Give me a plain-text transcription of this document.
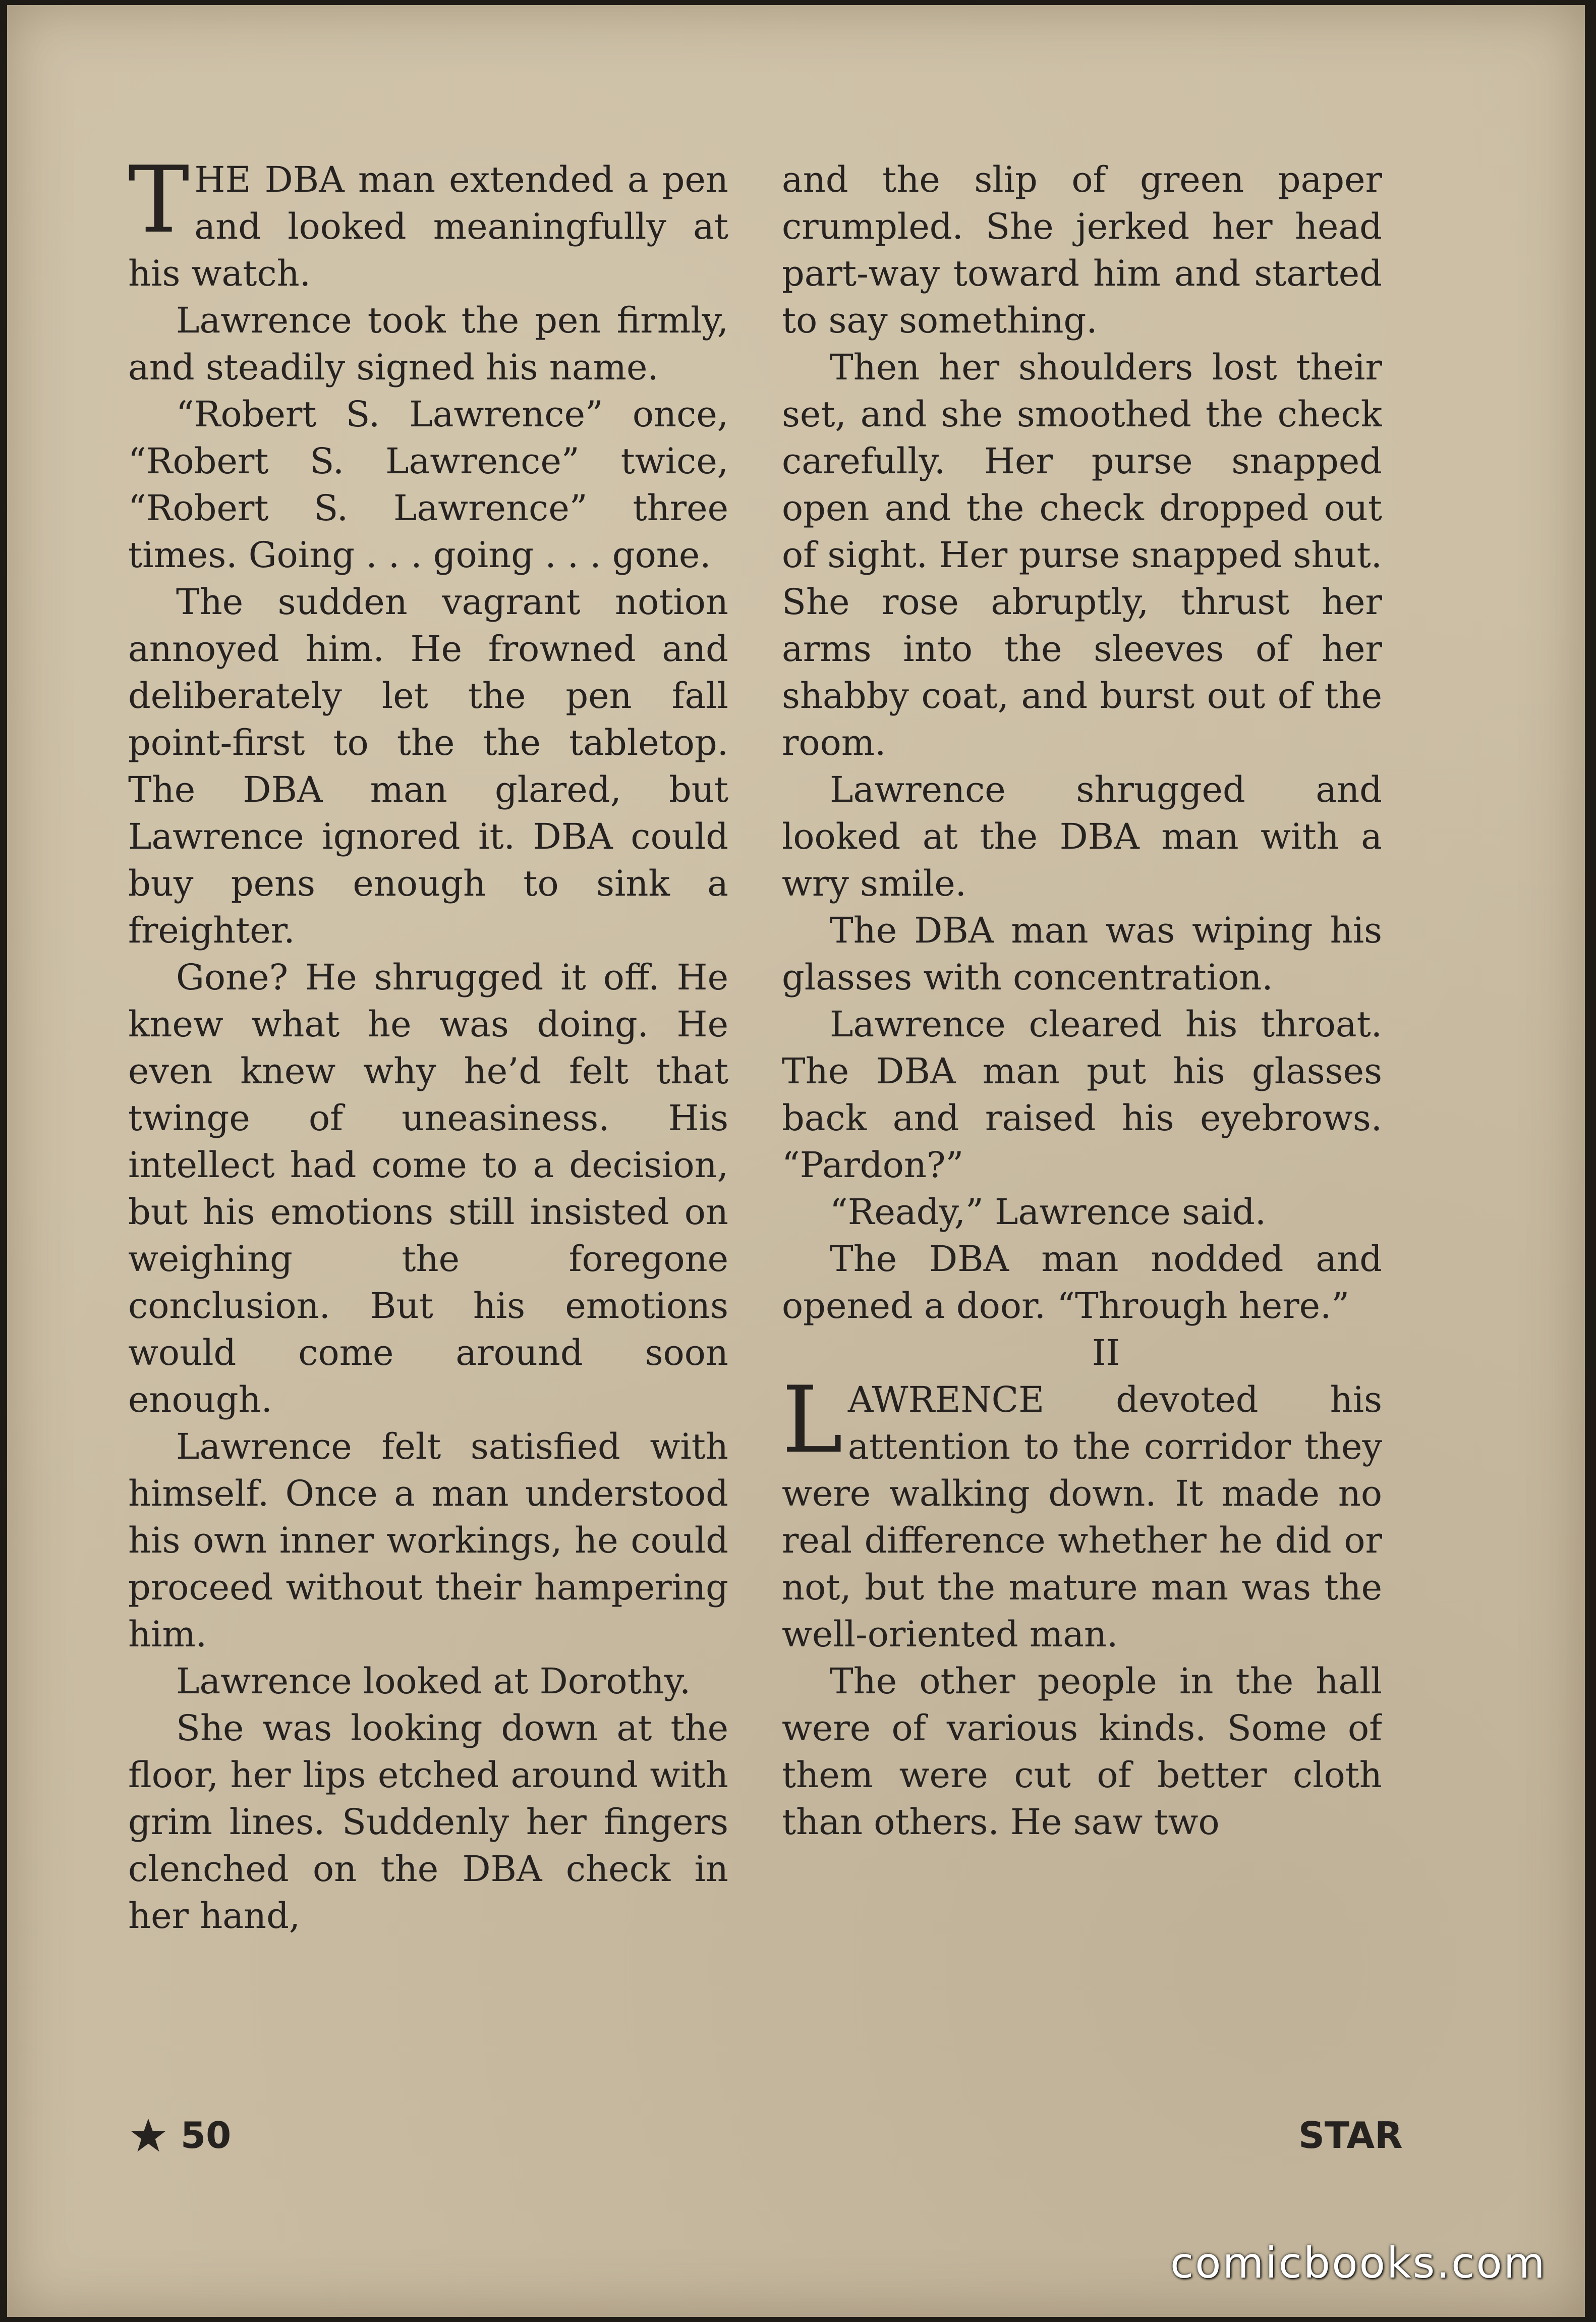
THE DBA man extended a pen and looked meaningfully at his watch.

Lawrence took the pen firmly, and steadily signed his name.

“Robert S. Lawrence” once, “Robert S. Lawrence” twice, “Robert S. Lawrence” three times. Going . . . going . . . gone.

The sudden vagrant notion annoyed him. He frowned and deliberately let the pen fall point-first to the the tabletop. The DBA man glared, but Lawrence ignored it. DBA could buy pens enough to sink a freighter.

Gone? He shrugged it off. He knew what he was doing. He even knew why he’d felt that twinge of uneasiness. His intellect had come to a decision, but his emotions still insisted on weighing the foregone conclusion. But his emotions would come around soon enough.

Lawrence felt satisfied with himself. Once a man understood his own inner workings, he could proceed without their hampering him.

Lawrence looked at Dorothy.

She was looking down at the floor, her lips etched around with grim lines. Suddenly her fingers clenched on the DBA check in her hand,

and the slip of green paper crumpled. She jerked her head part-way toward him and started to say something.

Then her shoulders lost their set, and she smoothed the check carefully. Her purse snapped open and the check dropped out of sight. Her purse snapped shut. She rose abruptly, thrust her arms into the sleeves of her shabby coat, and burst out of the room.

Lawrence shrugged and looked at the DBA man with a wry smile.

The DBA man was wiping his glasses with concentration.

Lawrence cleared his throat. The DBA man put his glasses back and raised his eyebrows. “Pardon?”

“Ready,” Lawrence said.

The DBA man nodded and opened a door. “Through here.”

II

LAWRENCE devoted his attention to the corridor they were walking down. It made no real difference whether he did or not, but the mature man was the well-oriented man.

The other people in the hall were of various kinds. Some of them were cut of better cloth than others. He saw two

50	STAR
comicbooks.com
